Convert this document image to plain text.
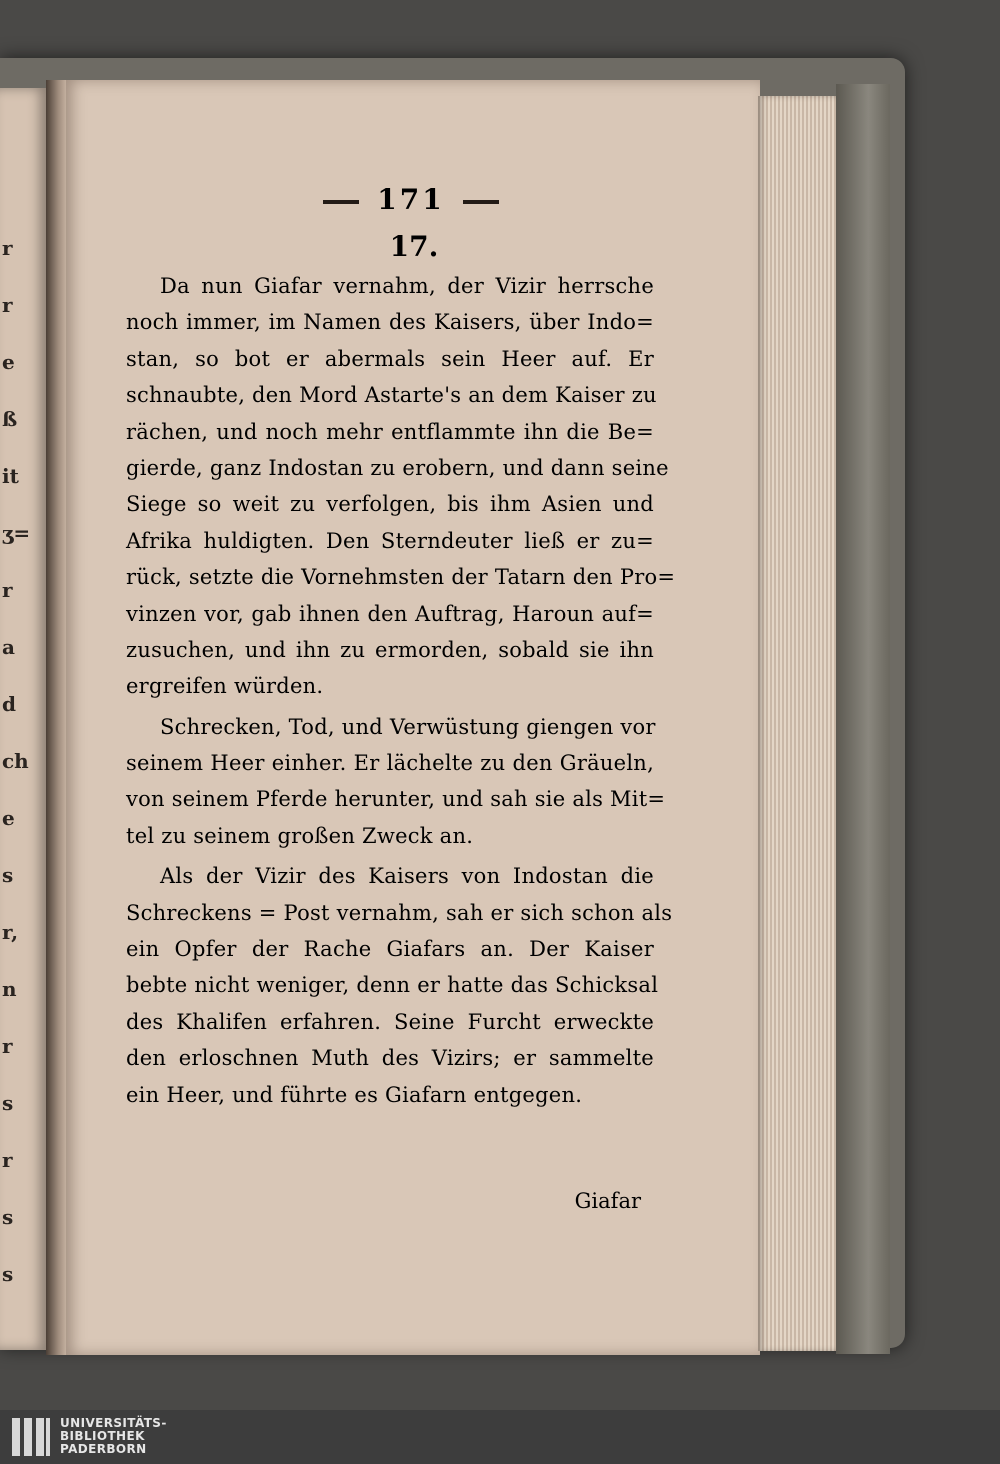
r
r
e
ß
it
ʒ=
r
a
d
ch
e
s
r,
n
r
s
r
s
s
171
17.
Da nun Giafar vernahm, der Vizir herrsche
noch immer, im Namen des Kaisers, über Indo=
stan, so bot er abermals sein Heer auf. Er
schnaubte, den Mord Astarte's an dem Kaiser zu
rächen, und noch mehr entflammte ihn die Be=
gierde, ganz Indostan zu erobern, und dann seine
Siege so weit zu verfolgen, bis ihm Asien und
Afrika huldigten. Den Sterndeuter ließ er zu=
rück, setzte die Vornehmsten der Tatarn den Pro=
vinzen vor, gab ihnen den Auftrag, Haroun auf=
zusuchen, und ihn zu ermorden, sobald sie ihn
ergreifen würden.
Schrecken, Tod, und Verwüstung giengen vor
seinem Heer einher. Er lächelte zu den Gräueln,
von seinem Pferde herunter, und sah sie als Mit=
tel zu seinem großen Zweck an.
Als der Vizir des Kaisers von Indostan die
Schreckens = Post vernahm, sah er sich schon als
ein Opfer der Rache Giafars an. Der Kaiser
bebte nicht weniger, denn er hatte das Schicksal
des Khalifen erfahren. Seine Furcht erweckte
den erloschnen Muth des Vizirs; er sammelte
ein Heer, und führte es Giafarn entgegen.
Giafar
UNIVERSITÄTS-
BIBLIOTHEK
PADERBORN
